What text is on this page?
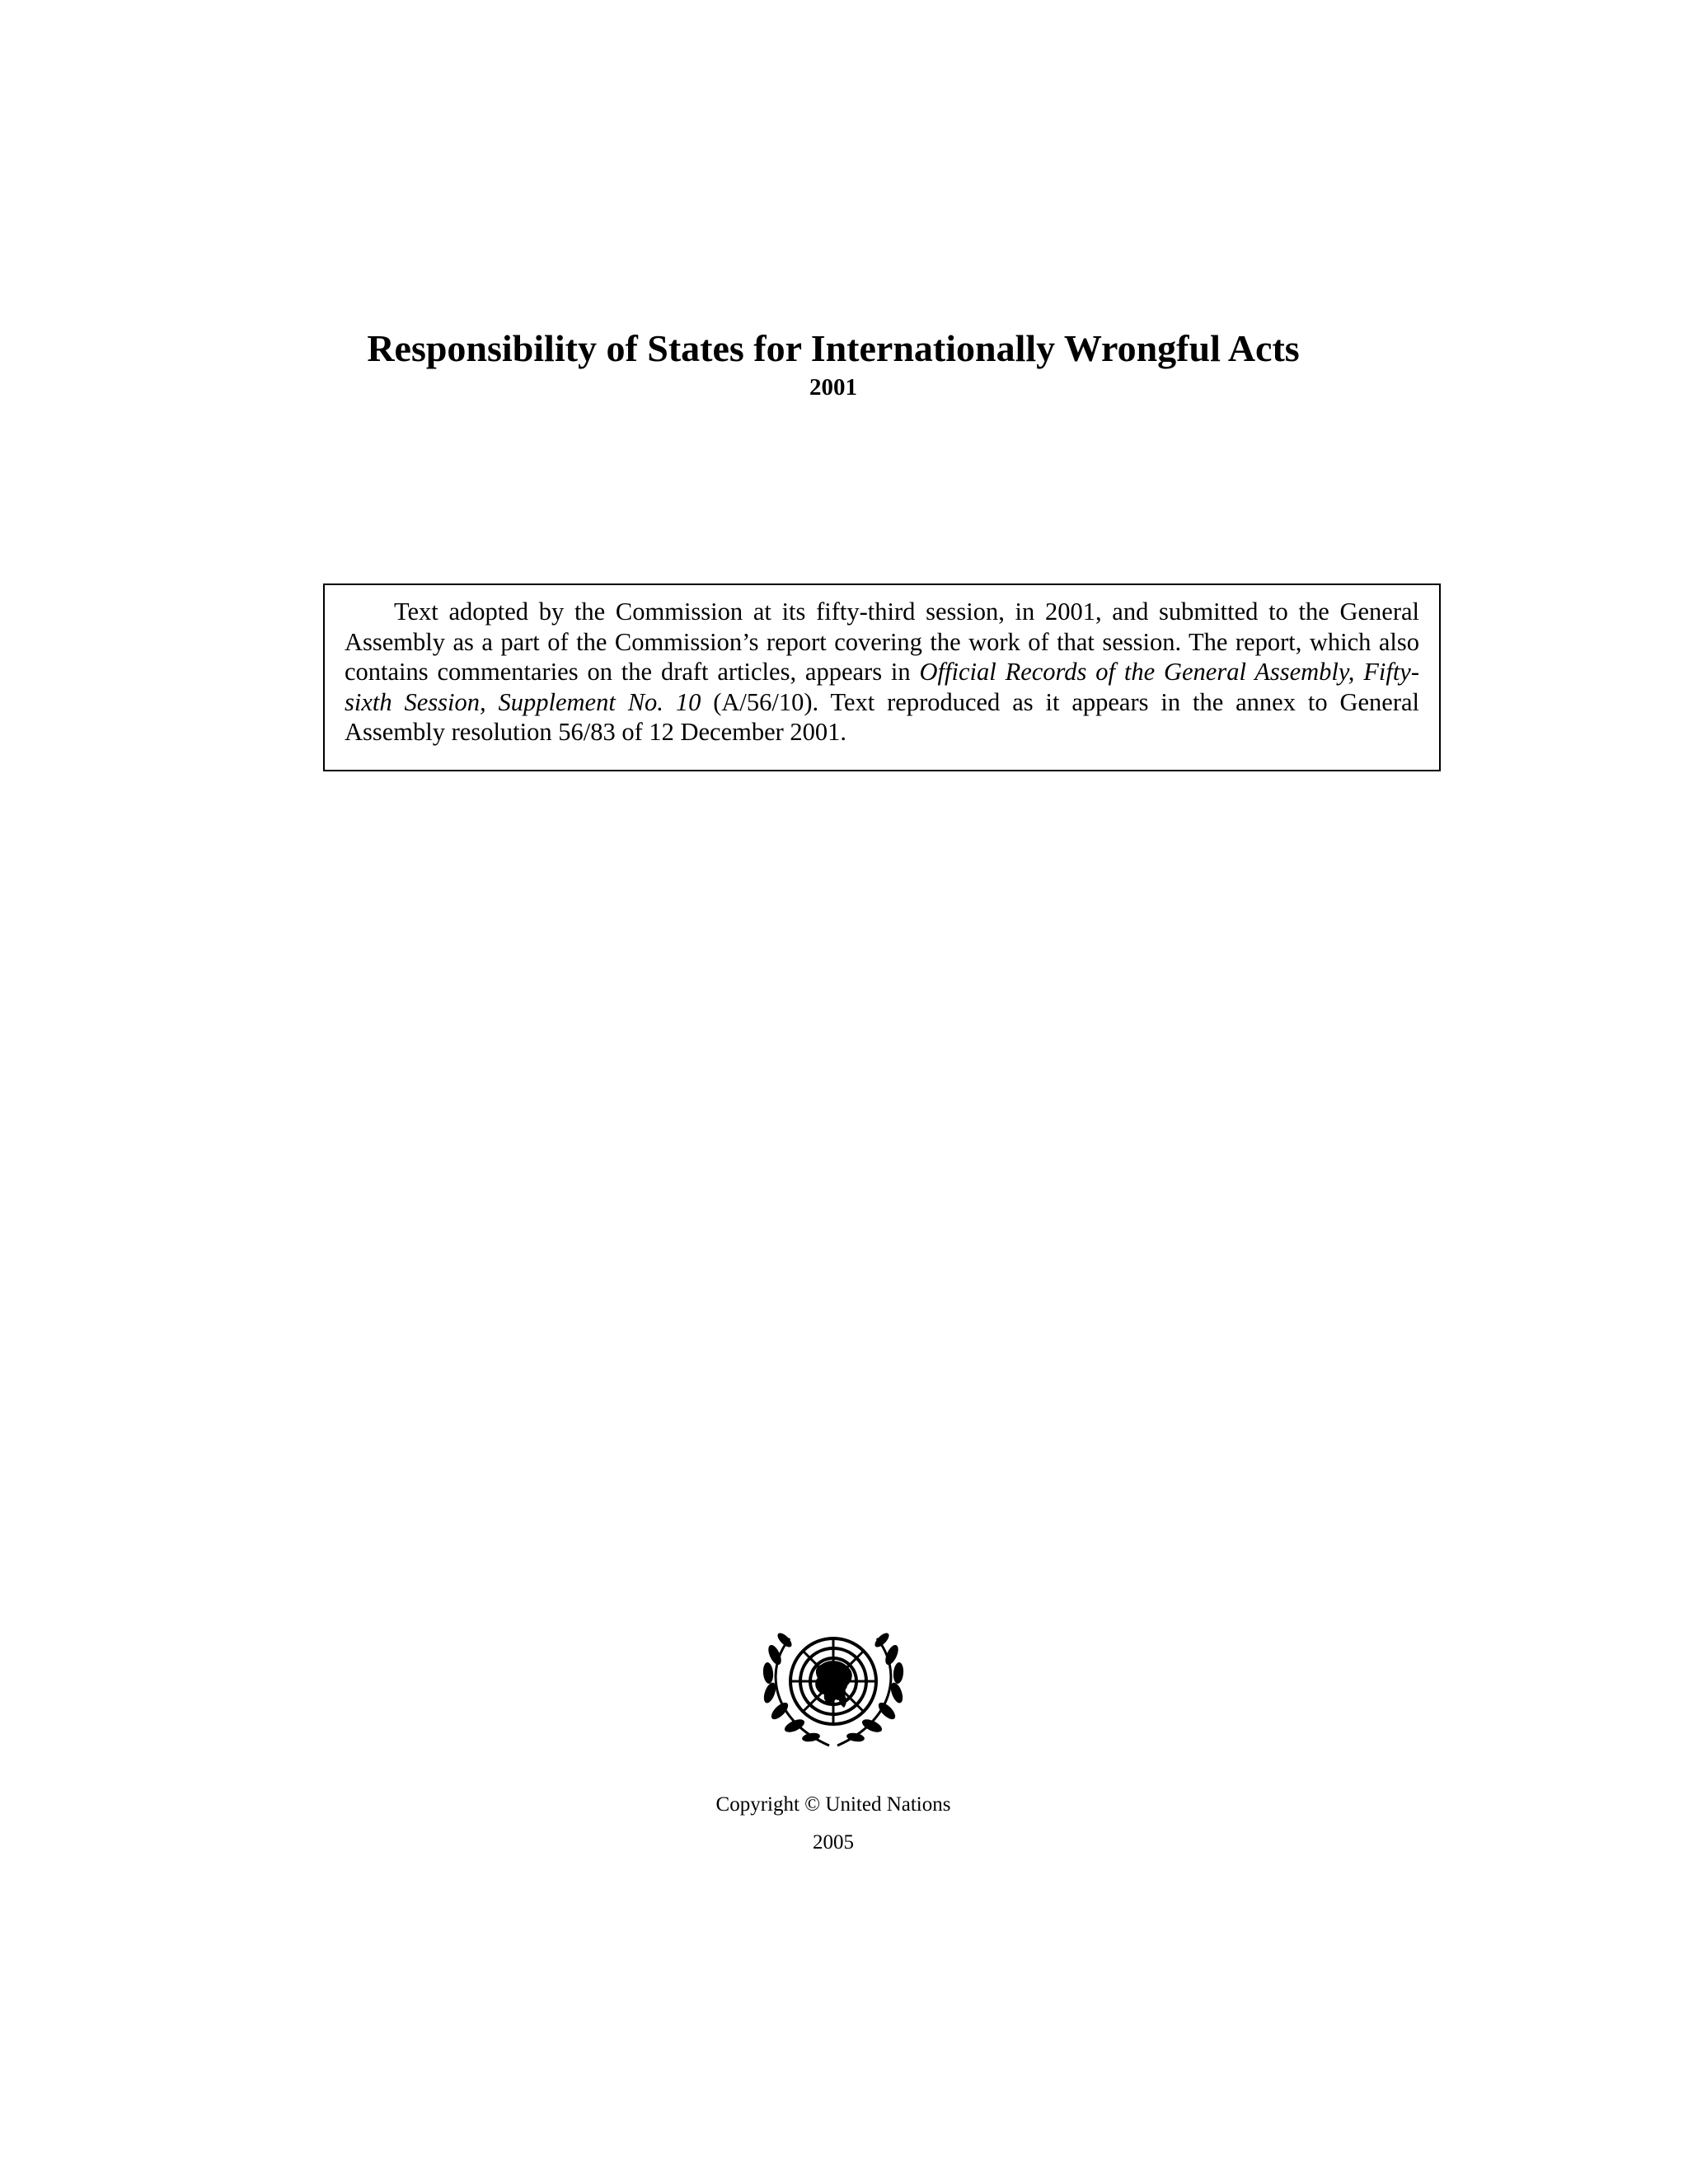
Responsibility of States for Internationally Wrongful Acts
2001

Text adopted by the Commission at its fifty-third session, in 2001, and submitted to the General Assembly as a part of the Commission’s report covering the work of that session. The report, which also contains commentaries on the draft articles, appears in Official Records of the General Assembly, Fifty-sixth Session, Supplement No. 10 (A/56/10). Text reproduced as it appears in the annex to General Assembly resolution 56/83 of 12 December 2001.

Copyright © United Nations
2005
